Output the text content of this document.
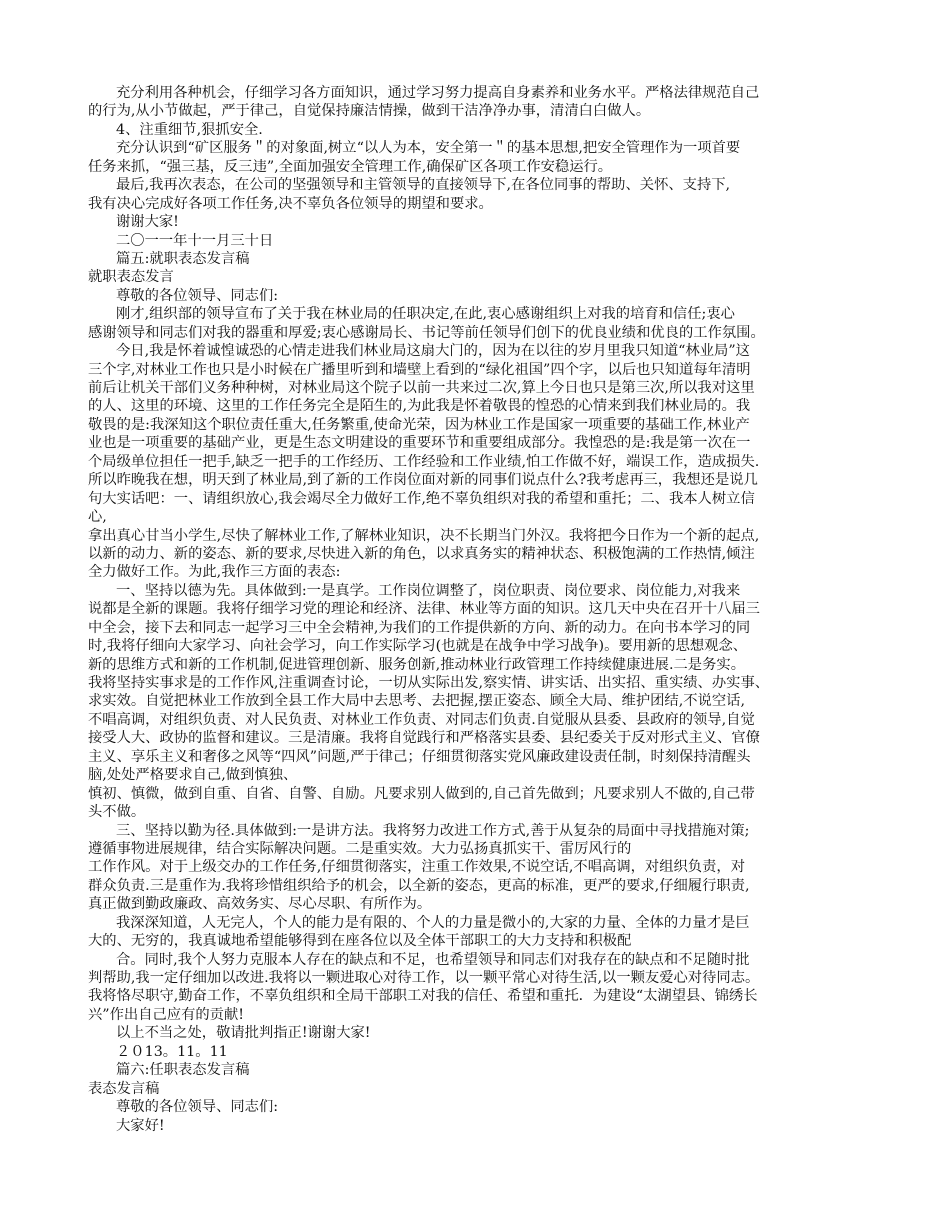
充分利用各种机会，仔细学习各方面知识，通过学习努力提高自身素养和业务水平。严格法律规范自己
的行为,从小节做起，严于律己，自觉保持廉洁情操，做到干洁净净办事，清清白白做人。
4、注重细节,狠抓安全.
充分认识到“矿区服务＂的对象面,树立“以人为本，安全第一＂的基本思想,把安全管理作为一项首要
任务来抓，“强三基，反三违”,全面加强安全管理工作,确保矿区各项工作安稳运行。
最后,我再次表态，在公司的坚强领导和主管领导的直接领导下,在各位同事的帮助、关怀、支持下,
我有决心完成好各项工作任务,决不辜负各位领导的期望和要求。
谢谢大家!
二〇一一年十一月三十日
篇五:就职表态发言稿
就职表态发言
尊敬的各位领导、同志们:
刚才,组织部的领导宣布了关于我在林业局的任职决定,在此,衷心感谢组织上对我的培育和信任;衷心
感谢领导和同志们对我的器重和厚爱;衷心感谢局长、书记等前任领导们创下的优良业绩和优良的工作氛围。
今日,我是怀着诚惶诚恐的心情走进我们林业局这扇大门的，因为在以往的岁月里我只知道“林业局”这
三个字,对林业工作也只是小时候在广播里听到和墙壁上看到的“绿化祖国”四个字，以后也只知道每年清明
前后让机关干部们义务种种树，对林业局这个院子以前一共来过二次,算上今日也只是第三次,所以我对这里
的人、这里的环境、这里的工作任务完全是陌生的,为此我是怀着敬畏的惶恐的心情来到我们林业局的。我
敬畏的是:我深知这个职位责任重大,任务繁重,使命光荣，因为林业工作是国家一项重要的基础工作,林业产
业也是一项重要的基础产业，更是生态文明建设的重要环节和重要组成部分。我惶恐的是:我是第一次在一
个局级单位担任一把手,缺乏一把手的工作经历、工作经验和工作业绩,怕工作做不好，端误工作，造成损失.
所以昨晚我在想，明天到了林业局,到了新的工作岗位面对新的同事们说点什么?我考虑再三，我想还是说几
句大实话吧：一、请组织放心,我会竭尽全力做好工作,绝不辜负组织对我的希望和重托；二、我本人树立信
心,
拿出真心甘当小学生,尽快了解林业工作,了解林业知识，决不长期当门外汉。我将把今日作为一个新的起点,
以新的动力、新的姿态、新的要求,尽快进入新的角色，以求真务实的精神状态、积极饱满的工作热情,倾注
全力做好工作。为此,我作三方面的表态:
一、坚持以德为先。具体做到:一是真学。工作岗位调整了，岗位职责、岗位要求、岗位能力,对我来
说都是全新的课题。我将仔细学习党的理论和经济、法律、林业等方面的知识。这几天中央在召开十八届三
中全会，接下去和同志一起学习三中全会精神,为我们的工作提供新的方向、新的动力。在向书本学习的同
时,我将仔细向大家学习、向社会学习，向工作实际学习(也就是在战争中学习战争)。要用新的思想观念、
新的思维方式和新的工作机制,促进管理创新、服务创新,推动林业行政管理工作持续健康进展.二是务实。
我将坚持实事求是的工作作风,注重调查讨论，一切从实际出发,察实情、讲实话、出实招、重实绩、办实事、
求实效。自觉把林业工作放到全县工作大局中去思考、去把握,摆正姿态、顾全大局、维护团结,不说空话,
不唱高调，对组织负责、对人民负责、对林业工作负责、对同志们负责.自觉服从县委、县政府的领导,自觉
接受人大、政协的监督和建议。三是清廉。我将自觉践行和严格落实县委、县纪委关于反对形式主义、官僚
主义、享乐主义和奢侈之风等“四风”问题,严于律己；仔细贯彻落实党风廉政建设责任制，时刻保持清醒头
脑,处处严格要求自己,做到慎独、
慎初、慎微，做到自重、自省、自警、自励。凡要求别人做到的,自己首先做到；凡要求别人不做的,自己带
头不做。
三、坚持以勤为径.具体做到:一是讲方法。我将努力改进工作方式,善于从复杂的局面中寻找措施对策;
遵循事物进展规律，结合实际解决问题。二是重实效。大力弘扬真抓实干、雷厉风行的
工作作风。对于上级交办的工作任务,仔细贯彻落实，注重工作效果,不说空话,不唱高调，对组织负责，对
群众负责.三是重作为.我将珍惜组织给予的机会，以全新的姿态，更高的标准，更严的要求,仔细履行职责,
真正做到勤政廉政、高效务实、尽心尽职、有所作为。
我深深知道，人无完人，个人的能力是有限的、个人的力量是微小的,大家的力量、全体的力量才是巨
大的、无穷的，我真诚地希望能够得到在座各位以及全体干部职工的大力支持和积极配
合。同时,我个人努力克服本人存在的缺点和不足，也希望领导和同志们对我存在的缺点和不足随时批
判帮助,我一定仔细加以改进.我将以一颗进取心对待工作，以一颗平常心对待生活,以一颗友爱心对待同志。
我将恪尽职守,勤奋工作，不辜负组织和全局干部职工对我的信任、希望和重托．为建设“太湖望县、锦绣长
兴”作出自己应有的贡献!
以上不当之处，敬请批判指正!谢谢大家!
２０13。11。11
篇六:任职表态发言稿
表态发言稿
尊敬的各位领导、同志们:
大家好!
